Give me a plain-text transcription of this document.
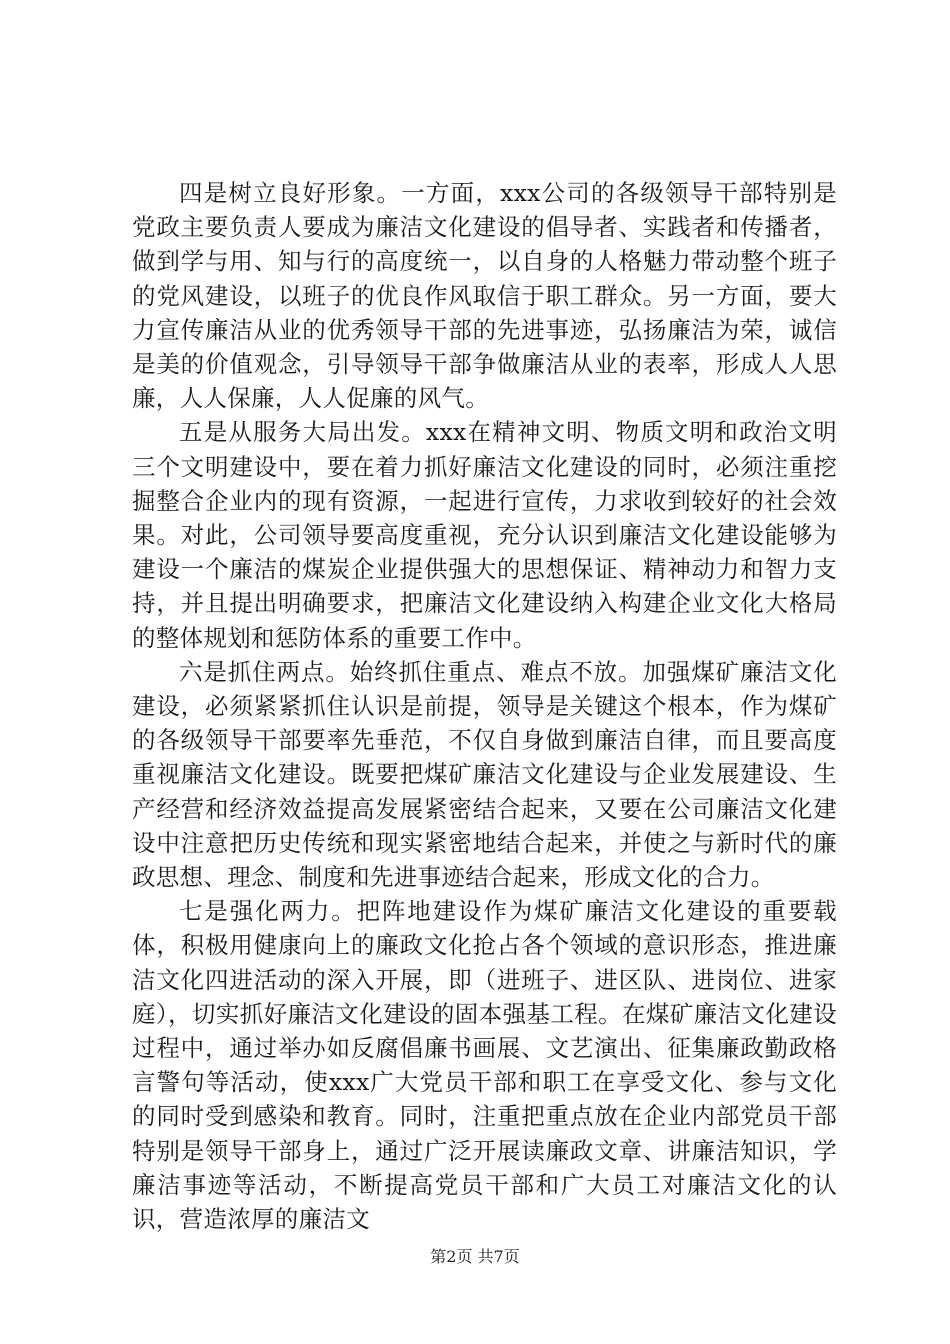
四是树立良好形象。一方面，xxx公司的各级领导干部特别是党政主要负责人要成为廉洁文化建设的倡导者、实践者和传播者，做到学与用、知与行的高度统一，以自身的人格魅力带动整个班子的党风建设，以班子的优良作风取信于职工群众。另一方面，要大力宣传廉洁从业的优秀领导干部的先进事迹，弘扬廉洁为荣，诚信是美的价值观念，引导领导干部争做廉洁从业的表率，形成人人思廉，人人保廉，人人促廉的风气。

五是从服务大局出发。xxx在精神文明、物质文明和政治文明三个文明建设中，要在着力抓好廉洁文化建设的同时，必须注重挖掘整合企业内的现有资源，一起进行宣传，力求收到较好的社会效果。对此，公司领导要高度重视，充分认识到廉洁文化建设能够为建设一个廉洁的煤炭企业提供强大的思想保证、精神动力和智力支持，并且提出明确要求，把廉洁文化建设纳入构建企业文化大格局的整体规划和惩防体系的重要工作中。

六是抓住两点。始终抓住重点、难点不放。加强煤矿廉洁文化建设，必须紧紧抓住认识是前提，领导是关键这个根本，作为煤矿的各级领导干部要率先垂范，不仅自身做到廉洁自律，而且要高度重视廉洁文化建设。既要把煤矿廉洁文化建设与企业发展建设、生产经营和经济效益提高发展紧密结合起来，又要在公司廉洁文化建设中注意把历史传统和现实紧密地结合起来，并使之与新时代的廉政思想、理念、制度和先进事迹结合起来，形成文化的合力。

七是强化两力。把阵地建设作为煤矿廉洁文化建设的重要载体，积极用健康向上的廉政文化抢占各个领域的意识形态，推进廉洁文化四进活动的深入开展，即（进班子、进区队、进岗位、进家庭），切实抓好廉洁文化建设的固本强基工程。在煤矿廉洁文化建设过程中，通过举办如反腐倡廉书画展、文艺演出、征集廉政勤政格言警句等活动，使xxx广大党员干部和职工在享受文化、参与文化的同时受到感染和教育。同时，注重把重点放在企业内部党员干部特别是领导干部身上，通过广泛开展读廉政文章、讲廉洁知识，学廉洁事迹等活动，不断提高党员干部和广大员工对廉洁文化的认识，营造浓厚的廉洁文

第2页 共7页
